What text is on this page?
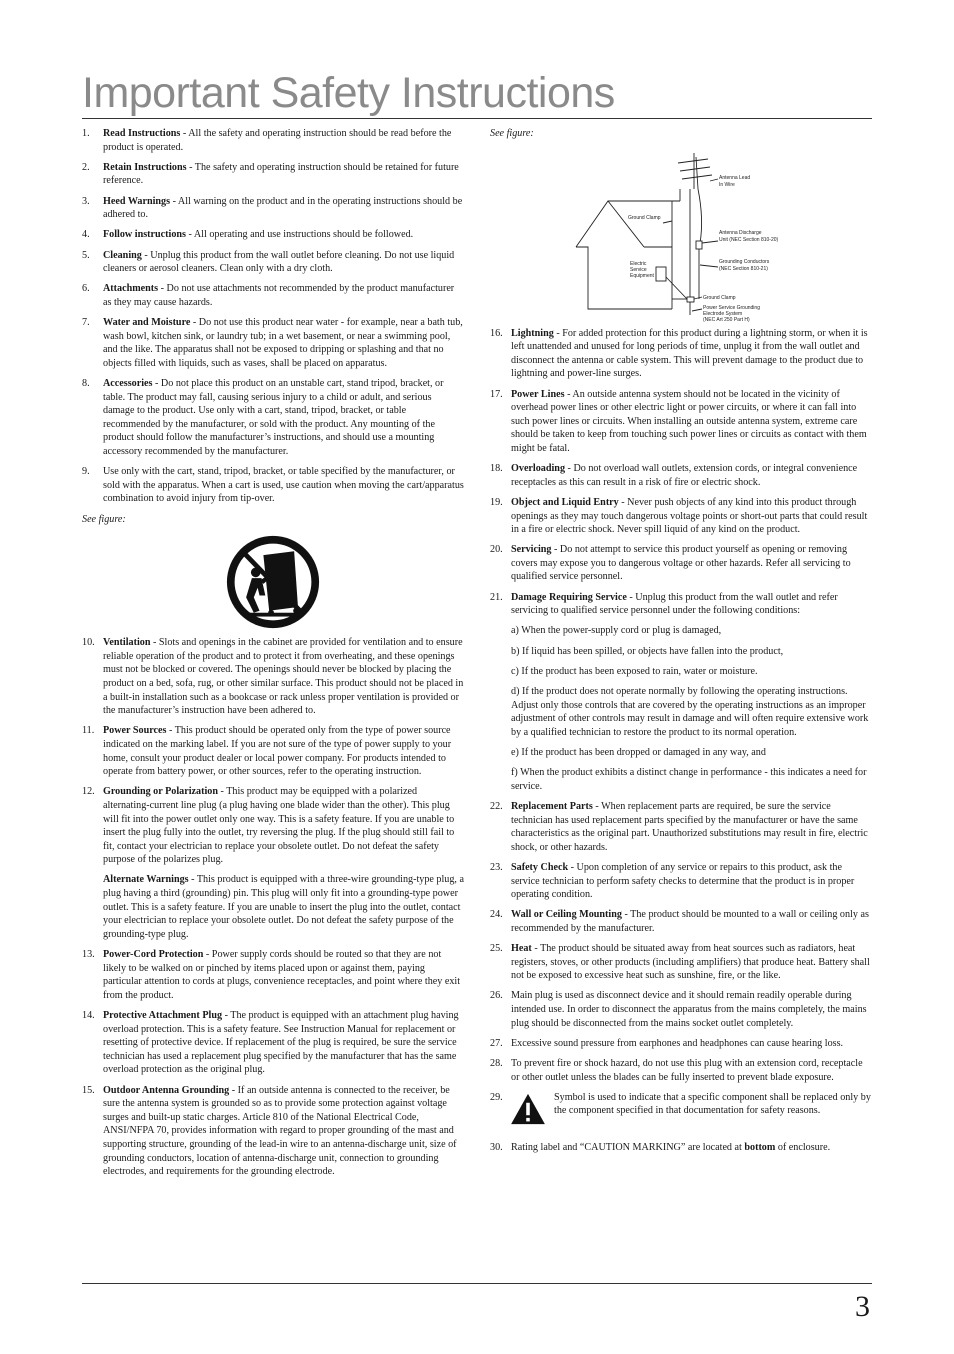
Important Safety Instructions
1. Read Instructions - All the safety and operating instruction should be read before the product is operated.
2. Retain Instructions - The safety and operating instruction should be retained for future reference.
3. Heed Warnings - All warning on the product and in the operating instructions should be adhered to.
4. Follow instructions - All operating and use instructions should be followed.
5. Cleaning - Unplug this product from the wall outlet before cleaning. Do not use liquid cleaners or aerosol cleaners. Clean only with a dry cloth.
6. Attachments - Do not use attachments not recommended by the product manufacturer as they may cause hazards.
7. Water and Moisture - Do not use this product near water - for example, near a bath tub, wash bowl, kitchen sink, or laundry tub; in a wet basement, or near a swimming pool, and the like. The apparatus shall not be exposed to dripping or splashing and that no objects filled with liquids, such as vases, shall be placed on apparatus.
8. Accessories - Do not place this product on an unstable cart, stand tripod, bracket, or table. The product may fall, causing serious injury to a child or adult, and serious damage to the product. Use only with a cart, stand, tripod, bracket, or table recommended by the manufacturer, or sold with the product. Any mounting of the product should follow the manufacturer’s instructions, and should use a mounting accessory recommended by the manufacturer.
9. Use only with the cart, stand, tripod, bracket, or table specified by the manufacturer, or sold with the apparatus. When a cart is used, use caution when moving the cart/apparatus combination to avoid injury from tip-over.
See figure:
10. Ventilation - Slots and openings in the cabinet are provided for ventilation and to ensure reliable operation of the product and to protect it from overheating, and these openings must not be blocked or covered. The openings should never be blocked by placing the product on a bed, sofa, rug, or other similar surface. This product should not be placed in a built-in installation such as a bookcase or rack unless proper ventilation is provided or the manufacturer’s instruction have been adhered to.
11. Power Sources - This product should be operated only from the type of power source indicated on the marking label. If you are not sure of the type of power supply to your home, consult your product dealer or local power company. For products intended to operate from battery power, or other sources, refer to the operating instruction.
12. Grounding or Polarization - This product may be equipped with a polarized alternating-current line plug (a plug having one blade wider than the other). This plug will fit into the power outlet only one way. This is a safety feature. If you are unable to insert the plug fully into the outlet, try reversing the plug. If the plug should still fail to fit, contact your electrician to replace your obsolete outlet. Do not defeat the safety purpose of the polarizes plug.
Alternate Warnings - This product is equipped with a three-wire grounding-type plug, a plug having a third (grounding) pin. This plug will only fit into a grounding-type power outlet. This is a safety feature. If you are unable to insert the plug into the outlet, contact your electrician to replace your obsolete outlet. Do not defeat the safety purpose of the grounding-type plug.
13. Power-Cord Protection - Power supply cords should be routed so that they are not likely to be walked on or pinched by items placed upon or against them, paying particular attention to cords at plugs, convenience receptacles, and point where they exit from the product.
14. Protective Attachment Plug - The product is equipped with an attachment plug having overload protection. This is a safety feature. See Instruction Manual for replacement or resetting of protective device. If replacement of the plug is required, be sure the service technician has used a replacement plug specified by the manufacturer that has the same overload protection as the original plug.
15. Outdoor Antenna Grounding - If an outside antenna is connected to the receiver, be sure the antenna system is grounded so as to provide some protection against voltage surges and built-up static charges. Article 810 of the National Electrical Code, ANSI/NFPA 70, provides information with regard to proper grounding of the mast and supporting structure, grounding of the lead-in wire to an antenna-discharge unit, size of grounding conductors, location of antenna-discharge unit, connection to grounding electrodes, and requirements for the grounding electrode.
See figure:
Antenna Lead
In Wire
Ground Clamp
Antenna Discharge
Unit (NEC Section 810-20)
Electric
Service
Equipment
Grounding Conductors
(NEC Section 810-21)
Ground Clamp
Power Service Grounding
Electrode System
(NEC Art 250 Part H)
16. Lightning - For added protection for this product during a lightning storm, or when it is left unattended and unused for long periods of time, unplug it from the wall outlet and disconnect the antenna or cable system. This will prevent damage to the product due to lightning and power-line surges.
17. Power Lines - An outside antenna system should not be located in the vicinity of overhead power lines or other electric light or power circuits, or where it can fall into such power lines or circuits. When installing an outside antenna system, extreme care should be taken to keep from touching such power lines or circuits as contact with them might be fatal.
18. Overloading - Do not overload wall outlets, extension cords, or integral convenience receptacles as this can result in a risk of fire or electric shock.
19. Object and Liquid Entry - Never push objects of any kind into this product through openings as they may touch dangerous voltage points or short-out parts that could result in a fire or electric shock. Never spill liquid of any kind on the product.
20. Servicing - Do not attempt to service this product yourself as opening or removing covers may expose you to dangerous voltage or other hazards. Refer all servicing to qualified service personnel.
21. Damage Requiring Service - Unplug this product from the wall outlet and refer servicing to qualified service personnel under the following conditions:
a) When the power-supply cord or plug is damaged,
b) If liquid has been spilled, or objects have fallen into the product,
c) If the product has been exposed to rain, water or moisture.
d) If the product does not operate normally by following the operating instructions. Adjust only those controls that are covered by the operating instructions as an improper adjustment of other controls may result in damage and will often require extensive work by a qualified technician to restore the product to its normal operation.
e) If the product has been dropped or damaged in any way, and
f) When the product exhibits a distinct change in performance - this indicates a need for service.
22. Replacement Parts - When replacement parts are required, be sure the service technician has used replacement parts specified by the manufacturer or have the same characteristics as the original part. Unauthorized substitutions may result in fire, electric shock, or other hazards.
23. Safety Check - Upon completion of any service or repairs to this product, ask the service technician to perform safety checks to determine that the product is in proper operating condition.
24. Wall or Ceiling Mounting - The product should be mounted to a wall or ceiling only as recommended by the manufacturer.
25. Heat - The product should be situated away from heat sources such as radiators, heat registers, stoves, or other products (including amplifiers) that produce heat. Battery shall not be exposed to excessive heat such as sunshine, fire, or the like.
26. Main plug is used as disconnect device and it should remain readily operable during intended use. In order to disconnect the apparatus from the mains completely, the mains plug should be disconnected from the mains socket outlet completely.
27. Excessive sound pressure from earphones and headphones can cause hearing loss.
28. To prevent fire or shock hazard, do not use this plug with an extension cord, receptacle or other outlet unless the blades can be fully inserted to prevent blade exposure.
29.	Symbol is used to indicate that a specific component shall be replaced only by the component specified in that documentation for safety reasons.
30. Rating label and “CAUTION MARKING” are located at bottom of enclosure.
3
